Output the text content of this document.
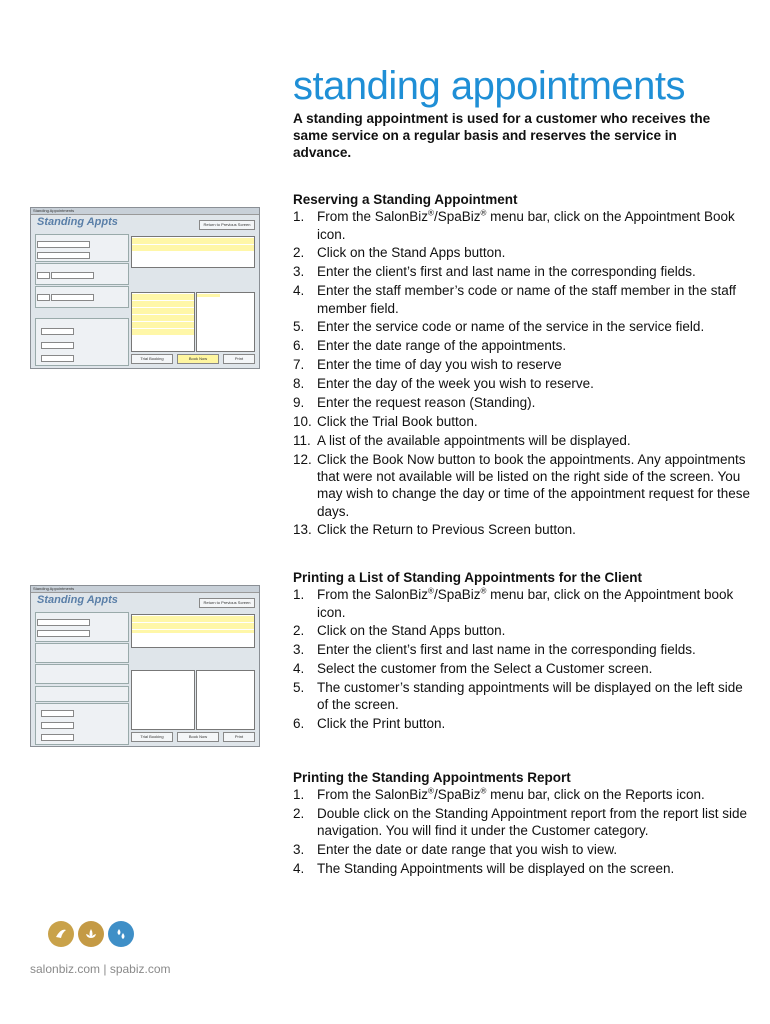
standing appointments
A standing appointment is used for a customer who receives the same service on a regular basis and reserves the service in advance.
Reserving a Standing Appointment
1. From the SalonBiz®/SpaBiz® menu bar, click on the Appointment Book icon.
2. Click on the Stand Apps button.
3. Enter the client’s first and last name in the corresponding fields.
4. Enter the staff member’s code or name of the staff member in the staff member field.
5. Enter the service code or name of the service in the service field.
6. Enter the date range of the appointments.
7. Enter the time of day you wish to reserve
8. Enter the day of the week you wish to reserve.
9. Enter the request reason (Standing).
10. Click the Trial Book button.
11. A list of the available appointments will be displayed.
12. Click the Book Now button to book the appointments. Any appointments that were not available will be listed on the right side of the screen. You may wish to change the day or time of the appointment request for these days.
13. Click the Return to Previous Screen button.
Printing a List of Standing Appointments for the Client
1. From the SalonBiz®/SpaBiz® menu bar, click on the Appointment book icon.
2. Click on the Stand Apps button.
3. Enter the client’s first and last name in the corresponding fields.
4. Select the customer from the Select a Customer screen.
5. The customer’s standing appointments will be displayed on the left side of the screen.
6. Click the Print button.
Printing the Standing Appointments Report
1. From the SalonBiz®/SpaBiz® menu bar, click on the Reports icon.
2. Double click on the Standing Appointment report from the report list side navigation. You will find it under the Customer category.
3. Enter the date or date range that you wish to view.
4. The Standing Appointments will be displayed on the screen.
Standing Appointments
Standing Appts	Return to Previous Screen
Trial Booking	Book Now	Print
Standing Appointments
Standing Appts	Return to Previous Screen
Trial Booking	Book Now	Print
salonbiz.com | spabiz.com
